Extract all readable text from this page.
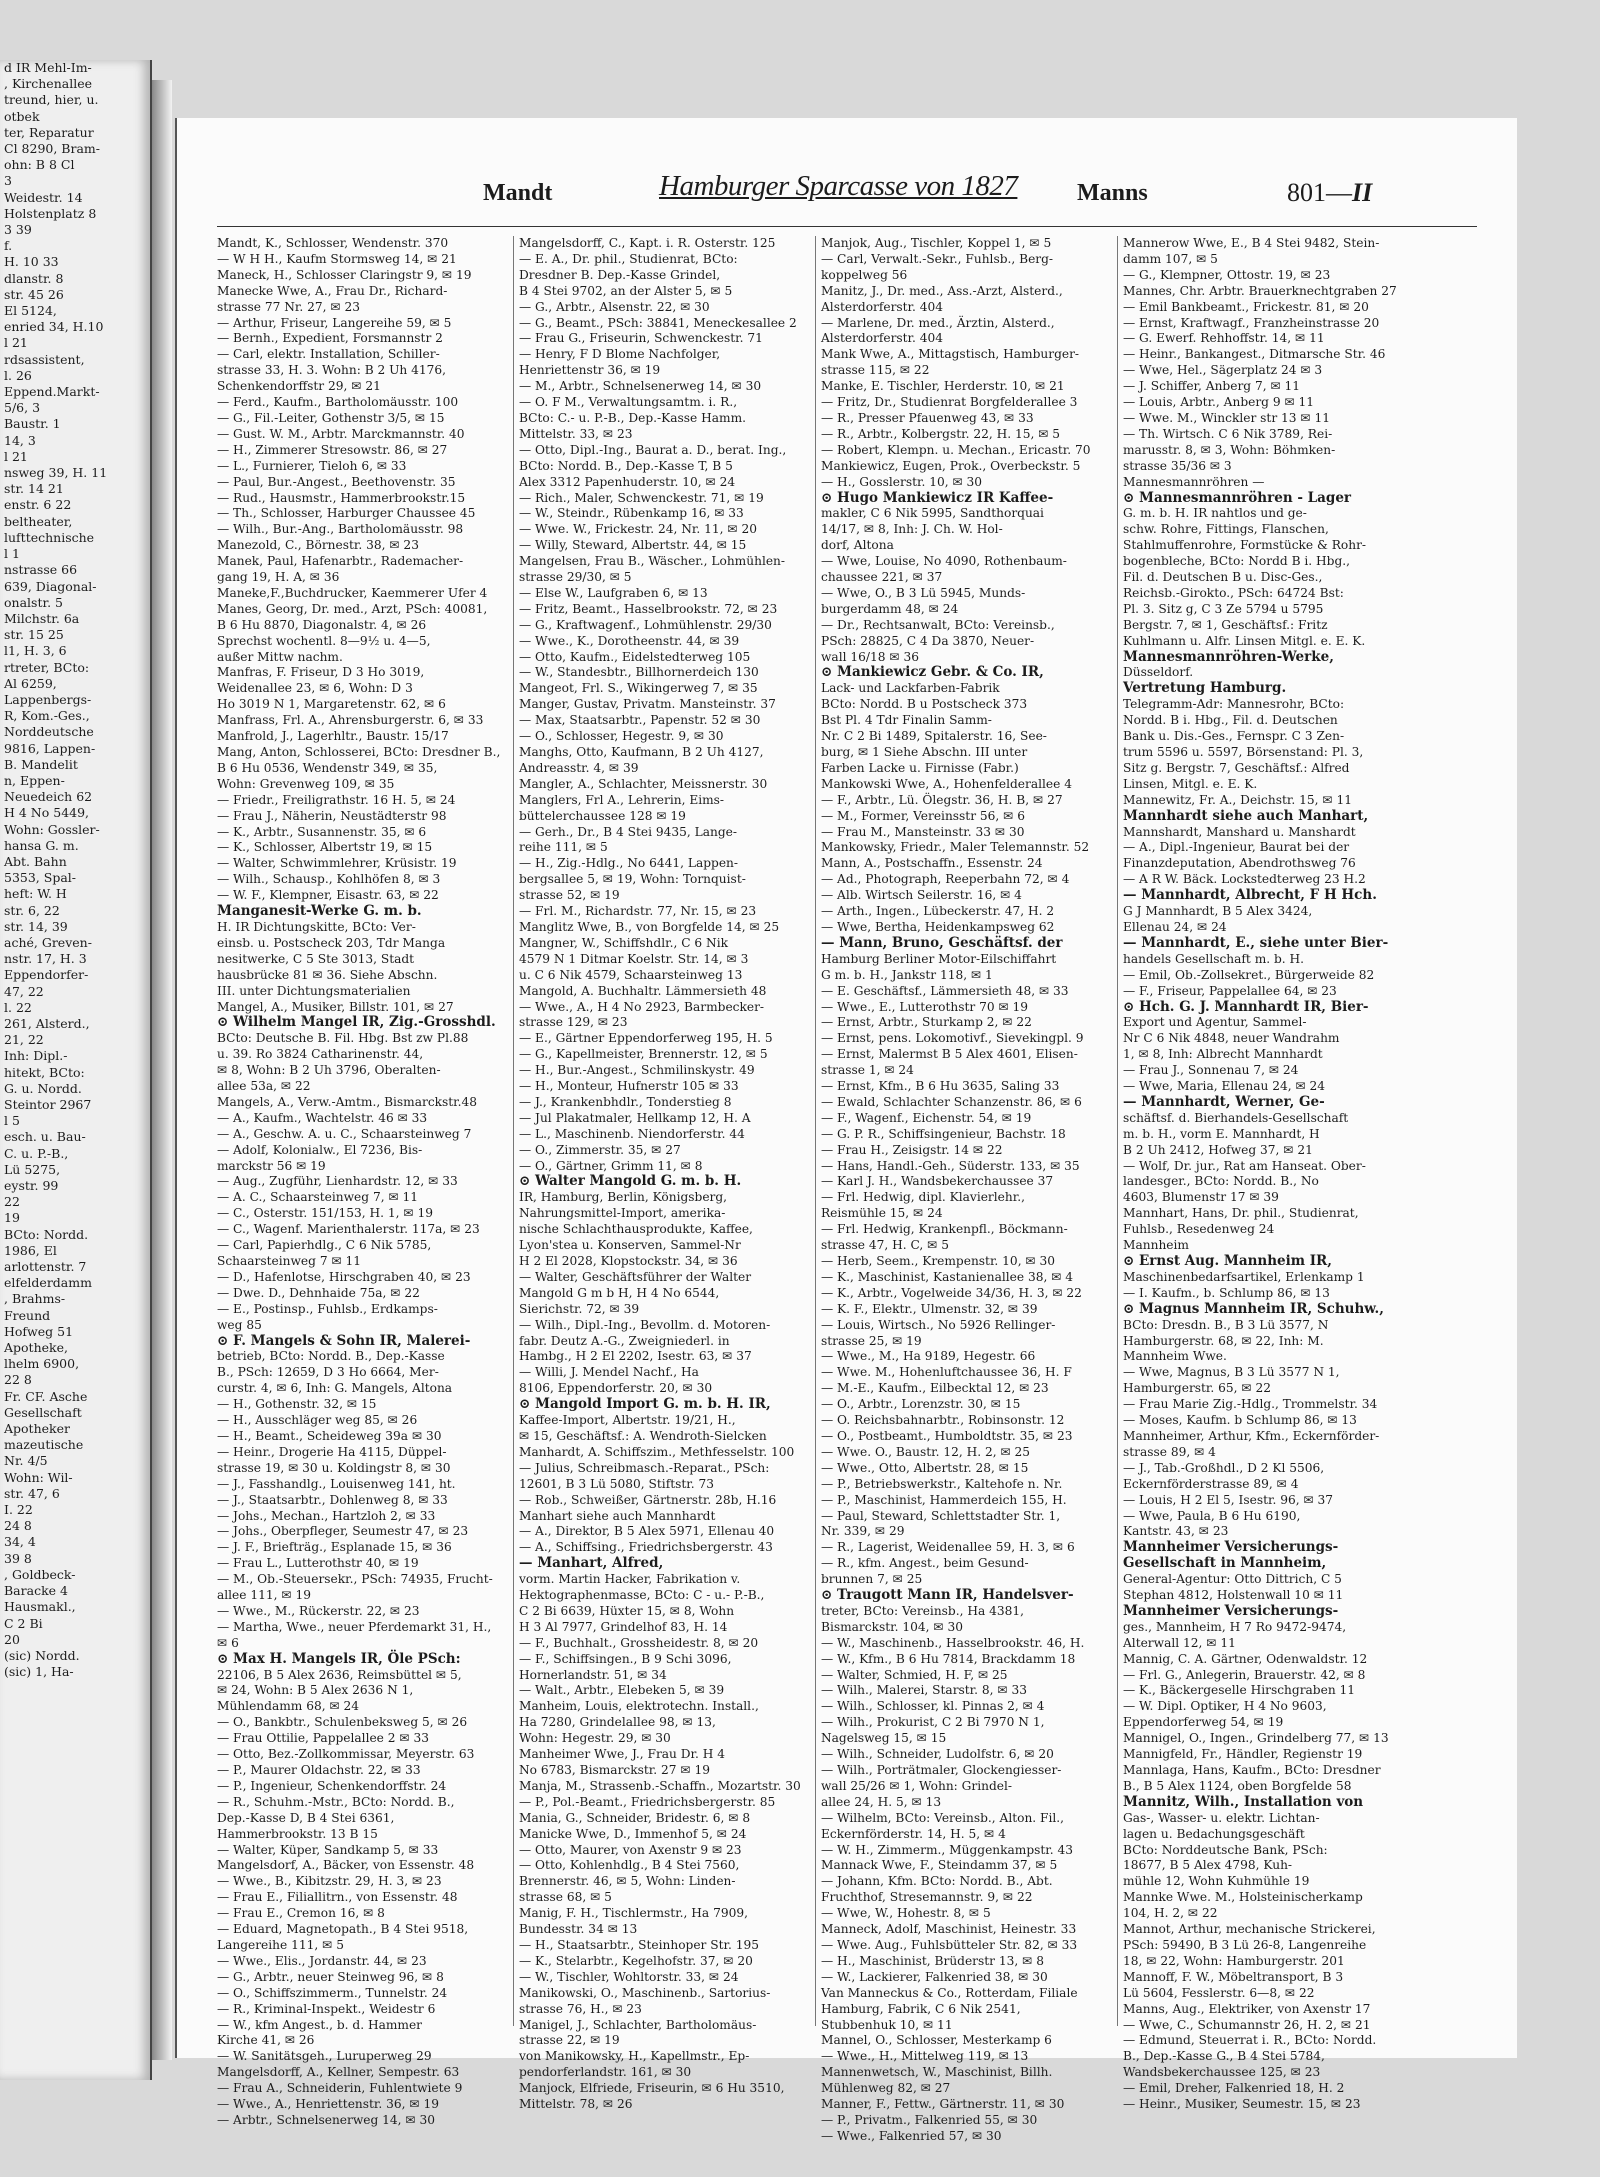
d IR Mehl-Im-
, Kirchenallee
treund, hier, u.
otbek
ter, Reparatur
Cl 8290, Bram-
ohn: B 8 Cl
3
Weidestr. 14
Holstenplatz 8
3 39
f.
H. 10 33
dlanstr. 8
str. 45 26
El 5124,
enried 34, H.10
l 21
rdsassistent,
l. 26
Eppend.Markt-
5/6, 3
Baustr. 1
14, 3
l 21
nsweg 39, H. 11
str. 14 21
enstr. 6 22
beltheater,
lufttechnische
l 1
nstrasse 66
639, Diagonal-
onalstr. 5
Milchstr. 6a
str. 15 25
l1, H. 3, 6
rtreter, BCto:
Al 6259,
Lappenbergs-
R, Kom.-Ges.,
Norddeutsche
9816, Lappen-
B. Mandelit
n, Eppen-
Neuedeich 62
H 4 No 5449,
Wohn: Gossler-
hansa G. m.
Abt. Bahn
5353, Spal-
heft: W. H
str. 6, 22
str. 14, 39
aché, Greven-
nstr. 17, H. 3
Eppendorfer-
47, 22
l. 22
261, Alsterd.,
21, 22
Inh: Dipl.-
hitekt, BCto:
G. u. Nordd.
Steintor 2967
l 5
esch. u. Bau-
C. u. P.-B.,
Lü 5275,
eystr. 99
22
19
BCto: Nordd.
1986, El
arlottenstr. 7
elfelderdamm
, Brahms-
Freund
Hofweg 51
Apotheke,
lhelm 6900,
22 8
Fr. CF. Asche
Gesellschaft
Apotheker
mazeutische
Nr. 4/5
Wohn: Wil-
str. 47, 6
I. 22
24 8
34, 4
39 8
, Goldbeck-
Baracke 4
Hausmakl.,
C 2 Bi
20
(sic) Nordd.
(sic) 1, Ha-
Mandt	Hamburger Sparcasse von 1827 Manns	801—II
Mandt, K., Schlosser, Wendenstr. 370
— W H H., Kaufm Stormsweg 14, ✉ 21
Maneck, H., Schlosser Claringstr 9, ✉ 19
Manecke Wwe, A., Frau Dr., Richard-
strasse 77 Nr. 27, ✉ 23
— Arthur, Friseur, Langereihe 59, ✉ 5
— Bernh., Expedient, Forsmannstr 2
— Carl, elektr. Installation, Schiller-
strasse 33, H. 3. Wohn: B 2 Uh 4176,
Schenkendorffstr 29, ✉ 21
— Ferd., Kaufm., Bartholomäusstr. 100
— G., Fil.-Leiter, Gothenstr 3/5, ✉ 15
— Gust. W. M., Arbtr. Marckmannstr. 40
— H., Zimmerer Stresowstr. 86, ✉ 27
— L., Furnierer, Tieloh 6, ✉ 33
— Paul, Bur.-Angest., Beethovenstr. 35
— Rud., Hausmstr., Hammerbrookstr.15
— Th., Schlosser, Harburger Chaussee 45
— Wilh., Bur.-Ang., Bartholomäusstr. 98
Manezold, C., Börnestr. 38, ✉ 23
Manek, Paul, Hafenarbtr., Rademacher-
gang 19, H. A, ✉ 36
Maneke,F.,Buchdrucker, Kaemmerer Ufer 4
Manes, Georg, Dr. med., Arzt, PSch: 40081,
B 6 Hu 8870, Diagonalstr. 4, ✉ 26
Sprechst wochentl. 8—9½ u. 4—5,
außer Mittw nachm.
Manfras, F. Friseur, D 3 Ho 3019,
Weidenallee 23, ✉ 6, Wohn: D 3
Ho 3019 N 1, Margaretenstr. 62, ✉ 6
Manfrass, Frl. A., Ahrensburgerstr. 6, ✉ 33
Manfrold, J., Lagerhltr., Baustr. 15/17
Mang, Anton, Schlosserei, BCto: Dresdner B.,
B 6 Hu 0536, Wendenstr 349, ✉ 35,
Wohn: Grevenweg 109, ✉ 35
— Friedr., Freiligrathstr. 16 H. 5, ✉ 24
— Frau J., Näherin, Neustädterstr 98
— K., Arbtr., Susannenstr. 35, ✉ 6
— K., Schlosser, Albertstr 19, ✉ 15
— Walter, Schwimmlehrer, Krüsistr. 19
— Wilh., Schausp., Kohlhöfen 8, ✉ 3
— W. F., Klempner, Eisastr. 63, ✉ 22
Manganesit-Werke G. m. b.
H. IR Dichtungskitte, BCto: Ver-
einsb. u. Postscheck 203, Tdr Manga
nesitwerke, C 5 Ste 3013, Stadt
hausbrücke 81 ✉ 36. Siehe Abschn.
III. unter Dichtungsmaterialien
Mangel, A., Musiker, Billstr. 101, ✉ 27
⊙ Wilhelm Mangel IR, Zig.-Grosshdl.
BCto: Deutsche B. Fil. Hbg. Bst zw Pl.88
u. 39. Ro 3824 Catharinenstr. 44,
✉ 8, Wohn: B 2 Uh 3796, Oberalten-
allee 53a, ✉ 22
Mangels, A., Verw.-Amtm., Bismarckstr.48
— A., Kaufm., Wachtelstr. 46 ✉ 33
— A., Geschw. A. u. C., Schaarsteinweg 7
— Adolf, Kolonialw., El 7236, Bis-
marckstr 56 ✉ 19
— Aug., Zugführ, Lienhardstr. 12, ✉ 33
— A. C., Schaarsteinweg 7, ✉ 11
— C., Osterstr. 151/153, H. 1, ✉ 19
— C., Wagenf. Marienthalerstr. 117a, ✉ 23
— Carl, Papierhdlg., C 6 Nik 5785,
Schaarsteinweg 7 ✉ 11
— D., Hafenlotse, Hirschgraben 40, ✉ 23
— Dwe. D., Dehnhaide 75a, ✉ 22
— E., Postinsp., Fuhlsb., Erdkamps-
weg 85
⊙ F. Mangels & Sohn IR, Malerei-
betrieb, BCto: Nordd. B., Dep.-Kasse
B., PSch: 12659, D 3 Ho 6664, Mer-
curstr. 4, ✉ 6, Inh: G. Mangels, Altona
— H., Gothenstr. 32, ✉ 15
— H., Ausschläger weg 85, ✉ 26
— H., Beamt., Scheideweg 39a ✉ 30
— Heinr., Drogerie Ha 4115, Düppel-
strasse 19, ✉ 30 u. Koldingstr 8, ✉ 30
— J., Fasshandlg., Louisenweg 141, ht.
— J., Staatsarbtr., Dohlenweg 8, ✉ 33
— Johs., Mechan., Hartzloh 2, ✉ 33
— Johs., Oberpfleger, Seumestr 47, ✉ 23
— J. F., Briefträg., Esplanade 15, ✉ 36
— Frau L., Lutterothstr 40, ✉ 19
— M., Ob.-Steuersekr., PSch: 74935, Frucht-
allee 111, ✉ 19
— Wwe., M., Rückerstr. 22, ✉ 23
— Martha, Wwe., neuer Pferdemarkt 31, H.,
✉ 6
⊙ Max H. Mangels IR, Öle PSch:
22106, B 5 Alex 2636, Reimsbüttel ✉ 5,
✉ 24, Wohn: B 5 Alex 2636 N 1,
Mühlendamm 68, ✉ 24
— O., Bankbtr., Schulenbeksweg 5, ✉ 26
— Frau Ottilie, Pappelallee 2 ✉ 33
— Otto, Bez.-Zollkommissar, Meyerstr. 63
— P., Maurer Oldachstr. 22, ✉ 33
— P., Ingenieur, Schenkendorffstr. 24
— R., Schuhm.-Mstr., BCto: Nordd. B.,
Dep.-Kasse D, B 4 Stei 6361,
Hammerbrookstr. 13 B 15
— Walter, Küper, Sandkamp 5, ✉ 33
Mangelsdorf, A., Bäcker, von Essenstr. 48
— Wwe., B., Kibitzstr. 29, H. 3, ✉ 23
— Frau E., Filiallitrn., von Essenstr. 48
— Frau E., Cremon 16, ✉ 8
— Eduard, Magnetopath., B 4 Stei 9518,
Langereihe 111, ✉ 5
— Wwe., Elis., Jordanstr. 44, ✉ 23
— G., Arbtr., neuer Steinweg 96, ✉ 8
— O., Schiffszimmerm., Tunnelstr. 24
— R., Kriminal-Inspekt., Weidestr 6
— W., kfm Angest., b. d. Hammer
Kirche 41, ✉ 26
— W. Sanitätsgeh., Luruperweg 29
Mangelsdorff, A., Kellner, Sempestr. 63
— Frau A., Schneiderin, Fuhlentwiete 9
— Wwe., A., Henriettenstr. 36, ✉ 19
— Arbtr., Schnelsenerweg 14, ✉ 30
Mangelsdorff, C., Kapt. i. R. Osterstr. 125
— E. A., Dr. phil., Studienrat, BCto:
Dresdner B. Dep.-Kasse Grindel,
B 4 Stei 9702, an der Alster 5, ✉ 5
— G., Arbtr., Alsenstr. 22, ✉ 30
— G., Beamt., PSch: 38841, Meneckesallee 2
— Frau G., Friseurin, Schwenckestr. 71
— Henry, F D Blome Nachfolger,
Henriettenstr 36, ✉ 19
— M., Arbtr., Schnelsenerweg 14, ✉ 30
— O. F M., Verwaltungsamtm. i. R.,
BCto: C.- u. P.-B., Dep.-Kasse Hamm.
Mittelstr. 33, ✉ 23
— Otto, Dipl.-Ing., Baurat a. D., berat. Ing.,
BCto: Nordd. B., Dep.-Kasse T, B 5
Alex 3312 Papenhuderstr. 10, ✉ 24
— Rich., Maler, Schwenckestr. 71, ✉ 19
— W., Steindr., Rübenkamp 16, ✉ 33
— Wwe. W., Frickestr. 24, Nr. 11, ✉ 20
— Willy, Steward, Albertstr. 44, ✉ 15
Mangelsen, Frau B., Wäscher., Lohmühlen-
strasse 29/30, ✉ 5
— Else W., Laufgraben 6, ✉ 13
— Fritz, Beamt., Hasselbrookstr. 72, ✉ 23
— G., Kraftwagenf., Lohmühlenstr. 29/30
— Wwe., K., Dorotheenstr. 44, ✉ 39
— Otto, Kaufm., Eidelstedterweg 105
— W., Standesbtr., Billhornerdeich 130
Mangeot, Frl. S., Wikingerweg 7, ✉ 35
Manger, Gustav, Privatm. Mansteinstr. 37
— Max, Staatsarbtr., Papenstr. 52 ✉ 30
— O., Schlosser, Hegestr. 9, ✉ 30
Manghs, Otto, Kaufmann, B 2 Uh 4127,
Andreasstr. 4, ✉ 39
Mangler, A., Schlachter, Meissnerstr. 30
Manglers, Frl A., Lehrerin, Eims-
büttelerchaussee 128 ✉ 19
— Gerh., Dr., B 4 Stei 9435, Lange-
reihe 111, ✉ 5
— H., Zig.-Hdlg., No 6441, Lappen-
bergsallee 5, ✉ 19, Wohn: Tornquist-
strasse 52, ✉ 19
— Frl. M., Richardstr. 77, Nr. 15, ✉ 23
Manglitz Wwe, B., von Borgfelde 14, ✉ 25
Mangner, W., Schiffshdlr., C 6 Nik
4579 N 1 Ditmar Koelstr. Str. 14, ✉ 3
u. C 6 Nik 4579, Schaarsteinweg 13
Mangold, A. Buchhaltr. Lämmersieth 48
— Wwe., A., H 4 No 2923, Barmbecker-
strasse 129, ✉ 23
— E., Gärtner Eppendorferweg 195, H. 5
— G., Kapellmeister, Brennerstr. 12, ✉ 5
— H., Bur.-Angest., Schmilinskystr. 49
— H., Monteur, Hufnerstr 105 ✉ 33
— J., Krankenbhdlr., Tonderstieg 8
— Jul Plakatmaler, Hellkamp 12, H. A
— L., Maschinenb. Niendorferstr. 44
— O., Zimmerstr. 35, ✉ 27
— O., Gärtner, Grimm 11, ✉ 8
⊙ Walter Mangold G. m. b. H.
IR, Hamburg, Berlin, Königsberg,
Nahrungsmittel-Import, amerika-
nische Schlachthausprodukte, Kaffee,
Lyon'stea u. Konserven, Sammel-Nr
H 2 El 2028, Klopstockstr. 34, ✉ 36
— Walter, Geschäftsführer der Walter
Mangold G m b H, H 4 No 6544,
Sierichstr. 72, ✉ 39
— Wilh., Dipl.-Ing., Bevollm. d. Motoren-
fabr. Deutz A.-G., Zweigniederl. in
Hambg., H 2 El 2202, Isestr. 63, ✉ 37
— Willi, J. Mendel Nachf., Ha
8106, Eppendorferstr. 20, ✉ 30
⊙ Mangold Import G. m. b. H. IR,
Kaffee-Import, Albertstr. 19/21, H.,
✉ 15, Geschäftsf.: A. Wendroth-Sielcken
Manhardt, A. Schiffszim., Methfesselstr. 100
— Julius, Schreibmasch.-Reparat., PSch:
12601, B 3 Lü 5080, Stiftstr. 73
— Rob., Schweißer, Gärtnerstr. 28b, H.16
Manhart siehe auch Mannhardt
— A., Direktor, B 5 Alex 5971, Ellenau 40
— A., Schiffsing., Friedrichsbergerstr. 43
— Manhart, Alfred,
vorm. Martin Hacker, Fabrikation v.
Hektographenmasse, BCto: C - u.- P.-B.,
C 2 Bi 6639, Hüxter 15, ✉ 8, Wohn
H 3 Al 7977, Grindelhof 83, H. 14
— F., Buchhalt., Grossheidestr. 8, ✉ 20
— F., Schiffsingen., B 9 Schi 3096,
Hornerlandstr. 51, ✉ 34
— Walt., Arbtr., Elebeken 5, ✉ 39
Manheim, Louis, elektrotechn. Install.,
Ha 7280, Grindelallee 98, ✉ 13,
Wohn: Hegestr. 29, ✉ 30
Manheimer Wwe, J., Frau Dr. H 4
No 6783, Bismarckstr. 27 ✉ 19
Manja, M., Strassenb.-Schaffn., Mozartstr. 30
— P., Pol.-Beamt., Friedrichsbergerstr. 85
Mania, G., Schneider, Bridestr. 6, ✉ 8
Manicke Wwe, D., Immenhof 5, ✉ 24
— Otto, Maurer, von Axenstr 9 ✉ 23
— Otto, Kohlenhdlg., B 4 Stei 7560,
Brennerstr. 46, ✉ 5, Wohn: Linden-
strasse 68, ✉ 5
Manig, F. H., Tischlermstr., Ha 7909,
Bundesstr. 34 ✉ 13
— H., Staatsarbtr., Steinhoper Str. 195
— K., Stelarbtr., Kegelhofstr. 37, ✉ 20
— W., Tischler, Wohltorstr. 33, ✉ 24
Manikowski, O., Maschinenb., Sartorius-
strasse 76, H., ✉ 23
Manigel, J., Schlachter, Bartholomäus-
strasse 22, ✉ 19
von Manikowsky, H., Kapellmstr., Ep-
pendorferlandstr. 161, ✉ 30
Manjock, Elfriede, Friseurin, ✉ 6 Hu 3510,
Mittelstr. 78, ✉ 26
Manjok, Aug., Tischler, Koppel 1, ✉ 5
— Carl, Verwalt.-Sekr., Fuhlsb., Berg-
koppelweg 56
Manitz, J., Dr. med., Ass.-Arzt, Alsterd.,
Alsterdorferstr. 404
— Marlene, Dr. med., Ärztin, Alsterd.,
Alsterdorferstr. 404
Mank Wwe, A., Mittagstisch, Hamburger-
strasse 115, ✉ 22
Manke, E. Tischler, Herderstr. 10, ✉ 21
— Fritz, Dr., Studienrat Borgfelderallee 3
— R., Presser Pfauenweg 43, ✉ 33
— R., Arbtr., Kolbergstr. 22, H. 15, ✉ 5
— Robert, Klempn. u. Mechan., Ericastr. 70
Mankiewicz, Eugen, Prok., Overbeckstr. 5
— H., Gosslerstr. 10, ✉ 30
⊙ Hugo Mankiewicz IR Kaffee-
makler, C 6 Nik 5995, Sandthorquai
14/17, ✉ 8, Inh: J. Ch. W. Hol-
dorf, Altona
— Wwe, Louise, No 4090, Rothenbaum-
chaussee 221, ✉ 37
— Wwe, O., B 3 Lü 5945, Munds-
burgerdamm 48, ✉ 24
— Dr., Rechtsanwalt, BCto: Vereinsb.,
PSch: 28825, C 4 Da 3870, Neuer-
wall 16/18 ✉ 36
⊙ Mankiewicz Gebr. & Co. IR,
Lack- und Lackfarben-Fabrik
BCto: Nordd. B u Postscheck 373
Bst Pl. 4 Tdr Finalin Samm-
Nr. C 2 Bi 1489, Spitalerstr. 16, See-
burg, ✉ 1 Siehe Abschn. III unter
Farben Lacke u. Firnisse (Fabr.)
Mankowski Wwe, A., Hohenfelderallee 4
— F., Arbtr., Lü. Ölegstr. 36, H. B, ✉ 27
— M., Former, Vereinsstr 56, ✉ 6
— Frau M., Mansteinstr. 33 ✉ 30
Mankowsky, Friedr., Maler Telemannstr. 52
Mann, A., Postschaffn., Essenstr. 24
— Ad., Photograph, Reeperbahn 72, ✉ 4
— Alb. Wirtsch Seilerstr. 16, ✉ 4
— Arth., Ingen., Lübeckerstr. 47, H. 2
— Wwe, Bertha, Heidenkampsweg 62
— Mann, Bruno, Geschäftsf. der
Hamburg Berliner Motor-Eilschiffahrt
G m. b. H., Jankstr 118, ✉ 1
— E. Geschäftsf., Lämmersieth 48, ✉ 33
— Wwe., E., Lutterothstr 70 ✉ 19
— Ernst, Arbtr., Sturkamp 2, ✉ 22
— Ernst, pens. Lokomotivf., Sievekingpl. 9
— Ernst, Malermst B 5 Alex 4601, Elisen-
strasse 1, ✉ 24
— Ernst, Kfm., B 6 Hu 3635, Saling 33
— Ewald, Schlachter Schanzenstr. 86, ✉ 6
— F., Wagenf., Eichenstr. 54, ✉ 19
— G. P. R., Schiffsingenieur, Bachstr. 18
— Frau H., Zeisigstr. 14 ✉ 22
— Hans, Handl.-Geh., Süderstr. 133, ✉ 35
— Karl J. H., Wandsbekerchaussee 37
— Frl. Hedwig, dipl. Klavierlehr.,
Reismühle 15, ✉ 24
— Frl. Hedwig, Krankenpfl., Böckmann-
strasse 47, H. C, ✉ 5
— Herb, Seem., Krempenstr. 10, ✉ 30
— K., Maschinist, Kastanienallee 38, ✉ 4
— K., Arbtr., Vogelweide 34/36, H. 3, ✉ 22
— K. F., Elektr., Ulmenstr. 32, ✉ 39
— Louis, Wirtsch., No 5926 Rellinger-
strasse 25, ✉ 19
— Wwe., M., Ha 9189, Hegestr. 66
— Wwe. M., Hohenluftchaussee 36, H. F
— M.-E., Kaufm., Eilbecktal 12, ✉ 23
— O., Arbtr., Lorenzstr. 30, ✉ 15
— O. Reichsbahnarbtr., Robinsonstr. 12
— O., Postbeamt., Humboldtstr. 35, ✉ 23
— Wwe. O., Baustr. 12, H. 2, ✉ 25
— Wwe., Otto, Albertstr. 28, ✉ 15
— P., Betriebswerkstr., Kaltehofe n. Nr.
— P., Maschinist, Hammerdeich 155, H.
— Paul, Steward, Schlettstadter Str. 1,
Nr. 339, ✉ 29
— R., Lagerist, Weidenallee 59, H. 3, ✉ 6
— R., kfm. Angest., beim Gesund-
brunnen 7, ✉ 25
⊙ Traugott Mann IR, Handelsver-
treter, BCto: Vereinsb., Ha 4381,
Bismarckstr. 104, ✉ 30
— W., Maschinenb., Hasselbrookstr. 46, H.
— W., Kfm., B 6 Hu 7814, Brackdamm 18
— Walter, Schmied, H. F, ✉ 25
— Wilh., Malerei, Starstr. 8, ✉ 33
— Wilh., Schlosser, kl. Pinnas 2, ✉ 4
— Wilh., Prokurist, C 2 Bi 7970 N 1,
Nagelsweg 15, ✉ 15
— Wilh., Schneider, Ludolfstr. 6, ✉ 20
— Wilh., Porträtmaler, Glockengiesser-
wall 25/26 ✉ 1, Wohn: Grindel-
allee 24, H. 5, ✉ 13
— Wilhelm, BCto: Vereinsb., Alton. Fil.,
Eckernförderstr. 14, H. 5, ✉ 4
— W. H., Zimmerm., Müggenkampstr. 43
Mannack Wwe, F., Steindamm 37, ✉ 5
— Johann, Kfm. BCto: Nordd. B., Abt.
Fruchthof, Stresemannstr. 9, ✉ 22
— Wwe, W., Hohestr. 8, ✉ 5
Manneck, Adolf, Maschinist, Heinestr. 33
— Wwe. Aug., Fuhlsbütteler Str. 82, ✉ 33
— H., Maschinist, Brüderstr 13, ✉ 8
— W., Lackierer, Falkenried 38, ✉ 30
Van Manneckus & Co., Rotterdam, Filiale
Hamburg, Fabrik, C 6 Nik 2541,
Stubbenhuk 10, ✉ 11
Mannel, O., Schlosser, Mesterkamp 6
— Wwe., H., Mittelweg 119, ✉ 13
Mannenwetsch, W., Maschinist, Billh.
Mühlenweg 82, ✉ 27
Manner, F., Fettw., Gärtnerstr. 11, ✉ 30
— P., Privatm., Falkenried 55, ✉ 30
— Wwe., Falkenried 57, ✉ 30
Mannerow Wwe, E., B 4 Stei 9482, Stein-
damm 107, ✉ 5
— G., Klempner, Ottostr. 19, ✉ 23
Mannes, Chr. Arbtr. Brauerknechtgraben 27
— Emil Bankbeamt., Frickestr. 81, ✉ 20
— Ernst, Kraftwagf., Franzheinstrasse 20
— G. Ewerf. Rehhoffstr. 14, ✉ 11
— Heinr., Bankangest., Ditmarsche Str. 46
— Wwe, Hel., Sägerplatz 24 ✉ 3
— J. Schiffer, Anberg 7, ✉ 11
— Louis, Arbtr., Anberg 9 ✉ 11
— Wwe. M., Winckler str 13 ✉ 11
— Th. Wirtsch. C 6 Nik 3789, Rei-
marusstr. 8, ✉ 3, Wohn: Böhmken-
strasse 35/36 ✉ 3
Mannesmannröhren —
⊙ Mannesmannröhren - Lager
G. m. b. H. IR nahtlos und ge-
schw. Rohre, Fittings, Flanschen,
Stahlmuffenrohre, Formstücke & Rohr-
bogenbleche, BCto: Nordd B i. Hbg.,
Fil. d. Deutschen B u. Disc-Ges.,
Reichsb.-Girokto., PSch: 64724 Bst:
Pl. 3. Sitz g, C 3 Ze 5794 u 5795
Bergstr. 7, ✉ 1, Geschäftsf.: Fritz
Kuhlmann u. Alfr. Linsen Mitgl. e. E. K.
Mannesmannröhren-Werke,
Düsseldorf.
Vertretung Hamburg.
Telegramm-Adr: Mannesrohr, BCto:
Nordd. B i. Hbg., Fil. d. Deutschen
Bank u. Dis.-Ges., Fernspr. C 3 Zen-
trum 5596 u. 5597, Börsenstand: Pl. 3,
Sitz g. Bergstr. 7, Geschäftsf.: Alfred
Linsen, Mitgl. e. E. K.
Mannewitz, Fr. A., Deichstr. 15, ✉ 11
Mannhardt siehe auch Manhart,
Mannshardt, Manshard u. Manshardt
— A., Dipl.-Ingenieur, Baurat bei der
Finanzdeputation, Abendrothsweg 76
— A R W. Bäck. Lockstedterweg 23 H.2
— Mannhardt, Albrecht, F H Hch.
G J Mannhardt, B 5 Alex 3424,
Ellenau 24, ✉ 24
— Mannhardt, E., siehe unter Bier-
handels Gesellschaft m. b. H.
— Emil, Ob.-Zollsekret., Bürgerweide 82
— F., Friseur, Pappelallee 64, ✉ 23
⊙ Hch. G. J. Mannhardt IR, Bier-
Export und Agentur, Sammel-
Nr C 6 Nik 4848, neuer Wandrahm
1, ✉ 8, Inh: Albrecht Mannhardt
— Frau J., Sonnenau 7, ✉ 24
— Wwe, Maria, Ellenau 24, ✉ 24
— Mannhardt, Werner, Ge-
schäftsf. d. Bierhandels-Gesellschaft
m. b. H., vorm E. Mannhardt, H
B 2 Uh 2412, Hofweg 37, ✉ 21
— Wolf, Dr. jur., Rat am Hanseat. Ober-
landesger., BCto: Nordd. B., No
4603, Blumenstr 17 ✉ 39
Mannhart, Hans, Dr. phil., Studienrat,
Fuhlsb., Resedenweg 24
Mannheim
⊙ Ernst Aug. Mannheim IR,
Maschinenbedarfsartikel, Erlenkamp 1
— I. Kaufm., b. Schlump 86, ✉ 13
⊙ Magnus Mannheim IR, Schuhw.,
BCto: Dresdn. B., B 3 Lü 3577, N
Hamburgerstr. 68, ✉ 22, Inh: M.
Mannheim Wwe.
— Wwe, Magnus, B 3 Lü 3577 N 1,
Hamburgerstr. 65, ✉ 22
— Frau Marie Zig.-Hdlg., Trommelstr. 34
— Moses, Kaufm. b Schlump 86, ✉ 13
Mannheimer, Arthur, Kfm., Eckernförder-
strasse 89, ✉ 4
— J., Tab.-Großhdl., D 2 Kl 5506,
Eckernförderstrasse 89, ✉ 4
— Louis, H 2 El 5, Isestr. 96, ✉ 37
— Wwe, Paula, B 6 Hu 6190,
Kantstr. 43, ✉ 23
Mannheimer Versicherungs-
Gesellschaft in Mannheim,
General-Agentur: Otto Dittrich, C 5
Stephan 4812, Holstenwall 10 ✉ 11
Mannheimer Versicherungs-
ges., Mannheim, H 7 Ro 9472-9474,
Alterwall 12, ✉ 11
Mannig, C. A. Gärtner, Odenwaldstr. 12
— Frl. G., Anlegerin, Brauerstr. 42, ✉ 8
— K., Bäckergeselle Hirschgraben 11
— W. Dipl. Optiker, H 4 No 9603,
Eppendorferweg 54, ✉ 19
Mannigel, O., Ingen., Grindelberg 77, ✉ 13
Mannigfeld, Fr., Händler, Regienstr 19
Mannlaga, Hans, Kaufm., BCto: Dresdner
B., B 5 Alex 1124, oben Borgfelde 58
Mannitz, Wilh., Installation von
Gas-, Wasser- u. elektr. Lichtan-
lagen u. Bedachungsgeschäft
BCto: Norddeutsche Bank, PSch:
18677, B 5 Alex 4798, Kuh-
mühle 12, Wohn Kuhmühle 19
Mannke Wwe. M., Holsteinischerkamp
104, H. 2, ✉ 22
Mannot, Arthur, mechanische Strickerei,
PSch: 59490, B 3 Lü 26-8, Langenreihe
18, ✉ 22, Wohn: Hamburgerstr. 201
Mannoff, F. W., Möbeltransport, B 3
Lü 5604, Fesslerstr. 6—8, ✉ 22
Manns, Aug., Elektriker, von Axenstr 17
— Wwe, C., Schumannstr 26, H. 2, ✉ 21
— Edmund, Steuerrat i. R., BCto: Nordd.
B., Dep.-Kasse G., B 4 Stei 5784,
Wandsbekerchaussee 125, ✉ 23
— Emil, Dreher, Falkenried 18, H. 2
— Heinr., Musiker, Seumestr. 15, ✉ 23
